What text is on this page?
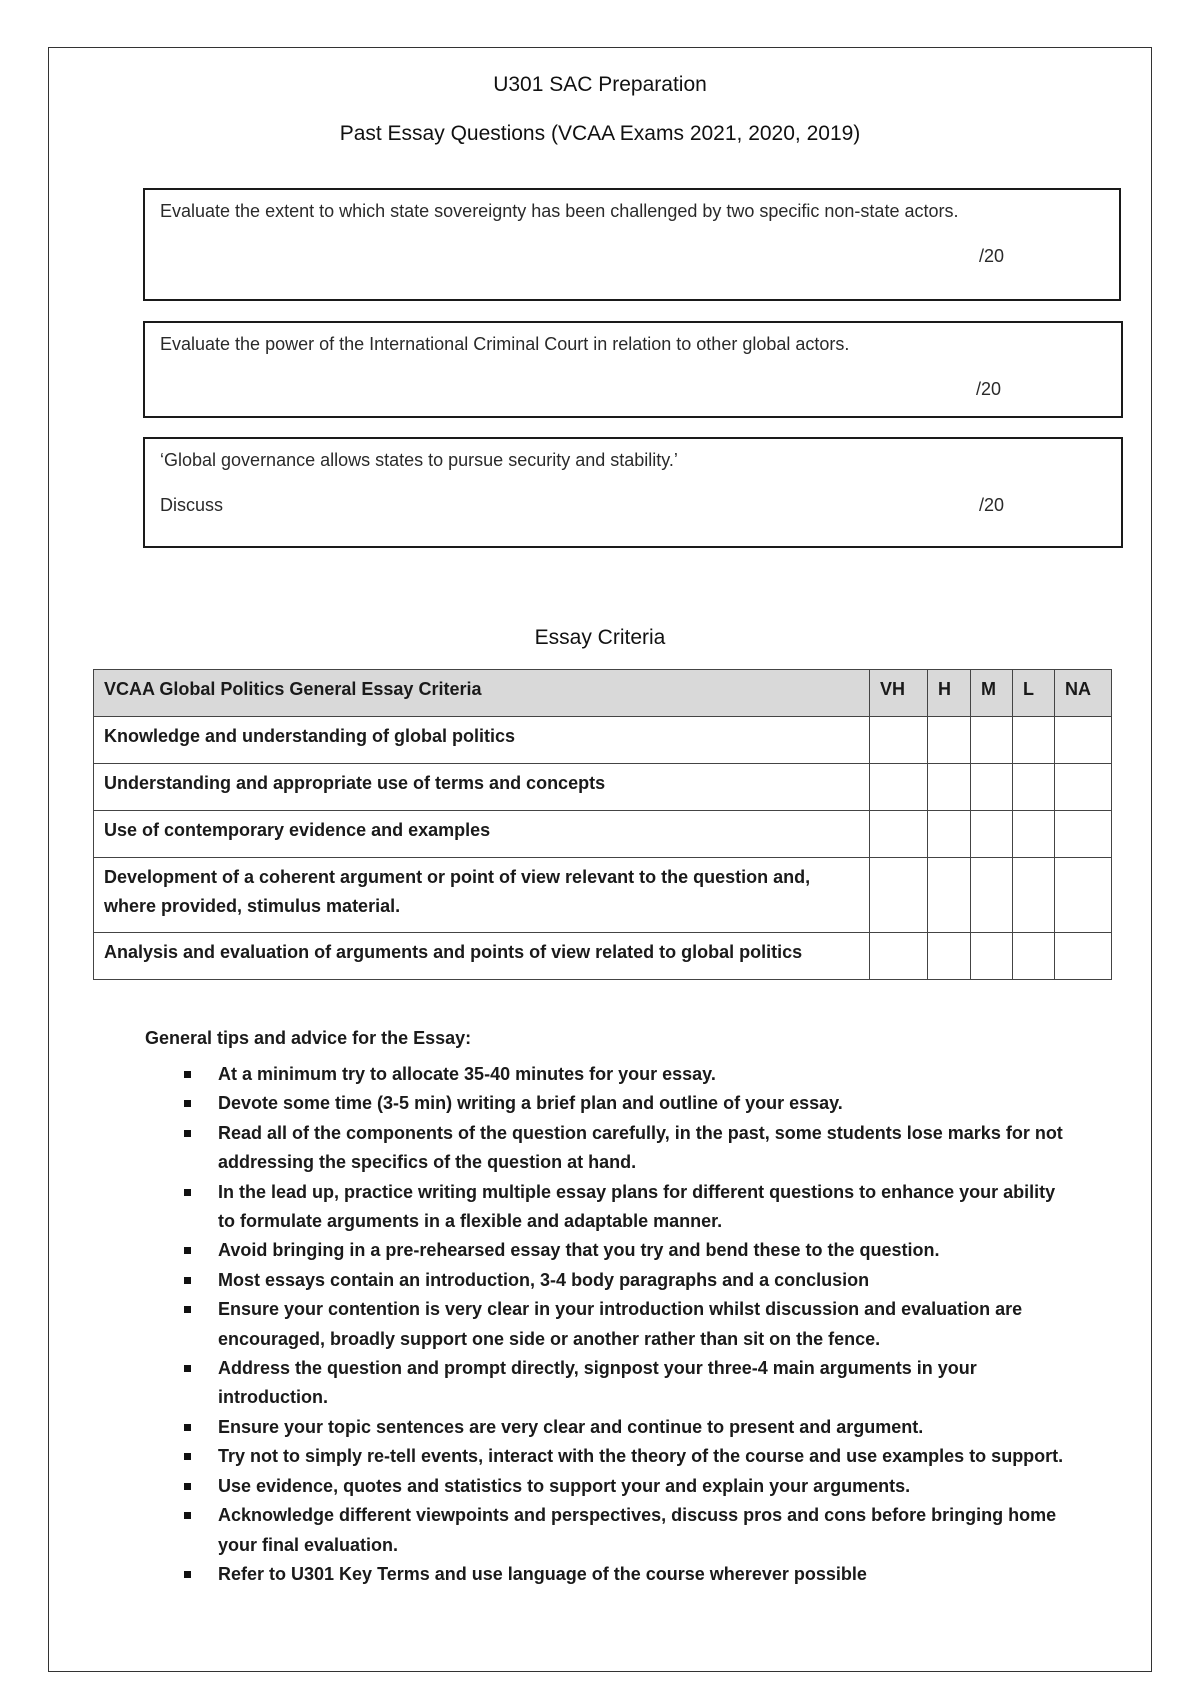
U301 SAC Preparation
Past Essay Questions (VCAA Exams 2021, 2020, 2019)
Evaluate the extent to which state sovereignty has been challenged by two specific non-state actors.
/20
Evaluate the power of the International Criminal Court in relation to other global actors.
/20
‘Global governance allows states to pursue security and stability.’
Discuss	/20
Essay Criteria
VCAA Global Politics General Essay Criteria	VH	H	M	L	NA
Knowledge and understanding of global politics					
Understanding and appropriate use of terms and concepts					
Use of contemporary evidence and examples					
Development of a coherent argument or point of view relevant to the question and, where provided, stimulus material.					
Analysis and evaluation of arguments and points of view related to global politics					
General tips and advice for the Essay:
At a minimum try to allocate 35-40 minutes for your essay.
Devote some time (3-5 min) writing a brief plan and outline of your essay.
Read all of the components of the question carefully, in the past, some students lose marks for not addressing the specifics of the question at hand.
In the lead up, practice writing multiple essay plans for different questions to enhance your ability to formulate arguments in a flexible and adaptable manner.
Avoid bringing in a pre-rehearsed essay that you try and bend these to the question.
Most essays contain an introduction, 3-4 body paragraphs and a conclusion
Ensure your contention is very clear in your introduction whilst discussion and evaluation are encouraged, broadly support one side or another rather than sit on the fence.
Address the question and prompt directly, signpost your three-4 main arguments in your introduction.
Ensure your topic sentences are very clear and continue to present and argument.
Try not to simply re-tell events, interact with the theory of the course and use examples to support.
Use evidence, quotes and statistics to support your and explain your arguments.
Acknowledge different viewpoints and perspectives, discuss pros and cons before bringing home your final evaluation.
Refer to U301 Key Terms and use language of the course wherever possible
